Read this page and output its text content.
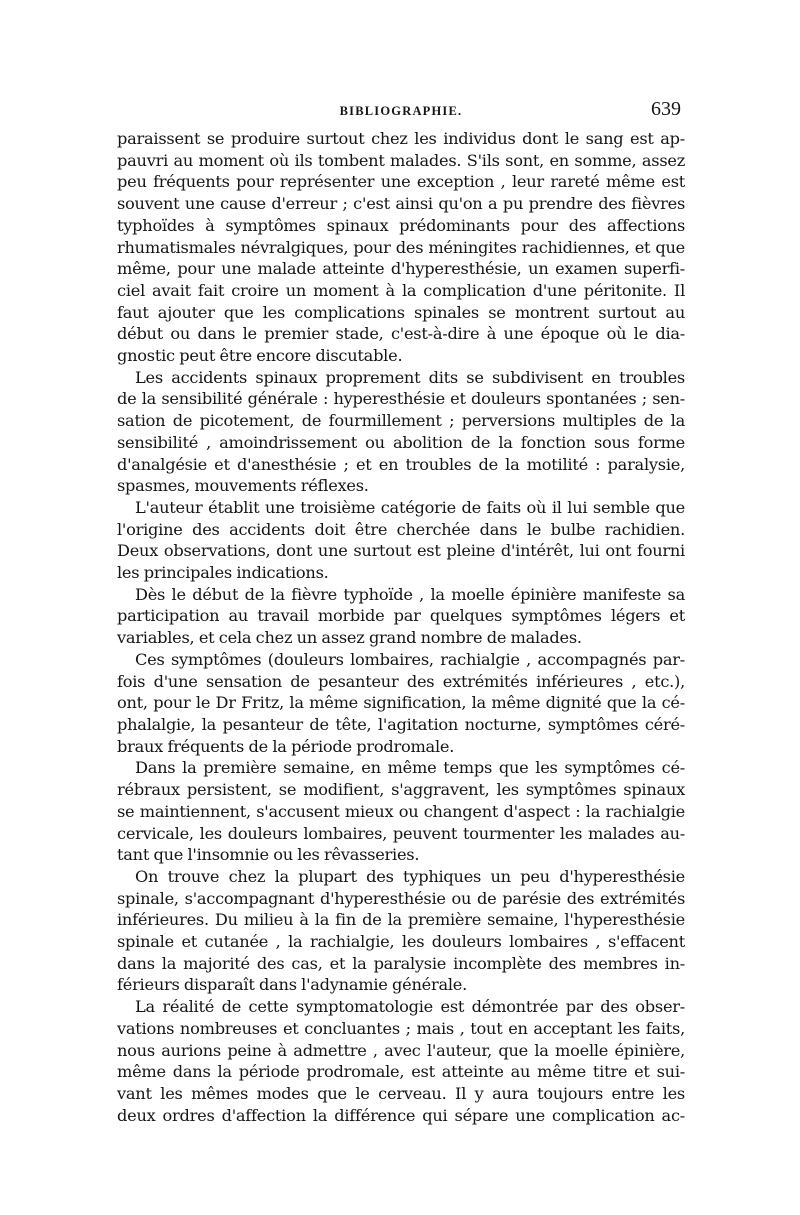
BIBLIOGRAPHIE.	639
paraissent se produire surtout chez les individus dont le sang est ap-
pauvri au moment où ils tombent malades. S'ils sont, en somme, assez
peu fréquents pour représenter une exception , leur rareté même est
souvent une cause d'erreur ; c'est ainsi qu'on a pu prendre des fièvres
typhoïdes à symptômes spinaux prédominants pour des affections
rhumatismales névralgiques, pour des méningites rachidiennes, et que
même, pour une malade atteinte d'hyperesthésie, un examen superfi-
ciel avait fait croire un moment à la complication d'une péritonite. Il
faut ajouter que les complications spinales se montrent surtout au
début ou dans le premier stade, c'est-à-dire à une époque où le dia-
gnostic peut être encore discutable.
Les accidents spinaux proprement dits se subdivisent en troubles
de la sensibilité générale : hyperesthésie et douleurs spontanées ; sen-
sation de picotement, de fourmillement ; perversions multiples de la
sensibilité , amoindrissement ou abolition de la fonction sous forme
d'analgésie et d'anesthésie ; et en troubles de la motilité : paralysie,
spasmes, mouvements réflexes.
L'auteur établit une troisième catégorie de faits où il lui semble que
l'origine des accidents doit être cherchée dans le bulbe rachidien.
Deux observations, dont une surtout est pleine d'intérêt, lui ont fourni
les principales indications.
Dès le début de la fièvre typhoïde , la moelle épinière manifeste sa
participation au travail morbide par quelques symptômes légers et
variables, et cela chez un assez grand nombre de malades.
Ces symptômes (douleurs lombaires, rachialgie , accompagnés par-
fois d'une sensation de pesanteur des extrémités inférieures , etc.),
ont, pour le Dr Fritz, la même signification, la même dignité que la cé-
phalalgie, la pesanteur de tête, l'agitation nocturne, symptômes céré-
braux fréquents de la période prodromale.
Dans la première semaine, en même temps que les symptômes cé-
rébraux persistent, se modifient, s'aggravent, les symptômes spinaux
se maintiennent, s'accusent mieux ou changent d'aspect : la rachialgie
cervicale, les douleurs lombaires, peuvent tourmenter les malades au-
tant que l'insomnie ou les rêvasseries.
On trouve chez la plupart des typhiques un peu d'hyperesthésie
spinale, s'accompagnant d'hyperesthésie ou de parésie des extrémités
inférieures. Du milieu à la fin de la première semaine, l'hyperesthésie
spinale et cutanée , la rachialgie, les douleurs lombaires , s'effacent
dans la majorité des cas, et la paralysie incomplète des membres in-
férieurs disparaît dans l'adynamie générale.
La réalité de cette symptomatologie est démontrée par des obser-
vations nombreuses et concluantes ; mais , tout en acceptant les faits,
nous aurions peine à admettre , avec l'auteur, que la moelle épinière,
même dans la période prodromale, est atteinte au même titre et sui-
vant les mêmes modes que le cerveau. Il y aura toujours entre les
deux ordres d'affection la différence qui sépare une complication ac-
